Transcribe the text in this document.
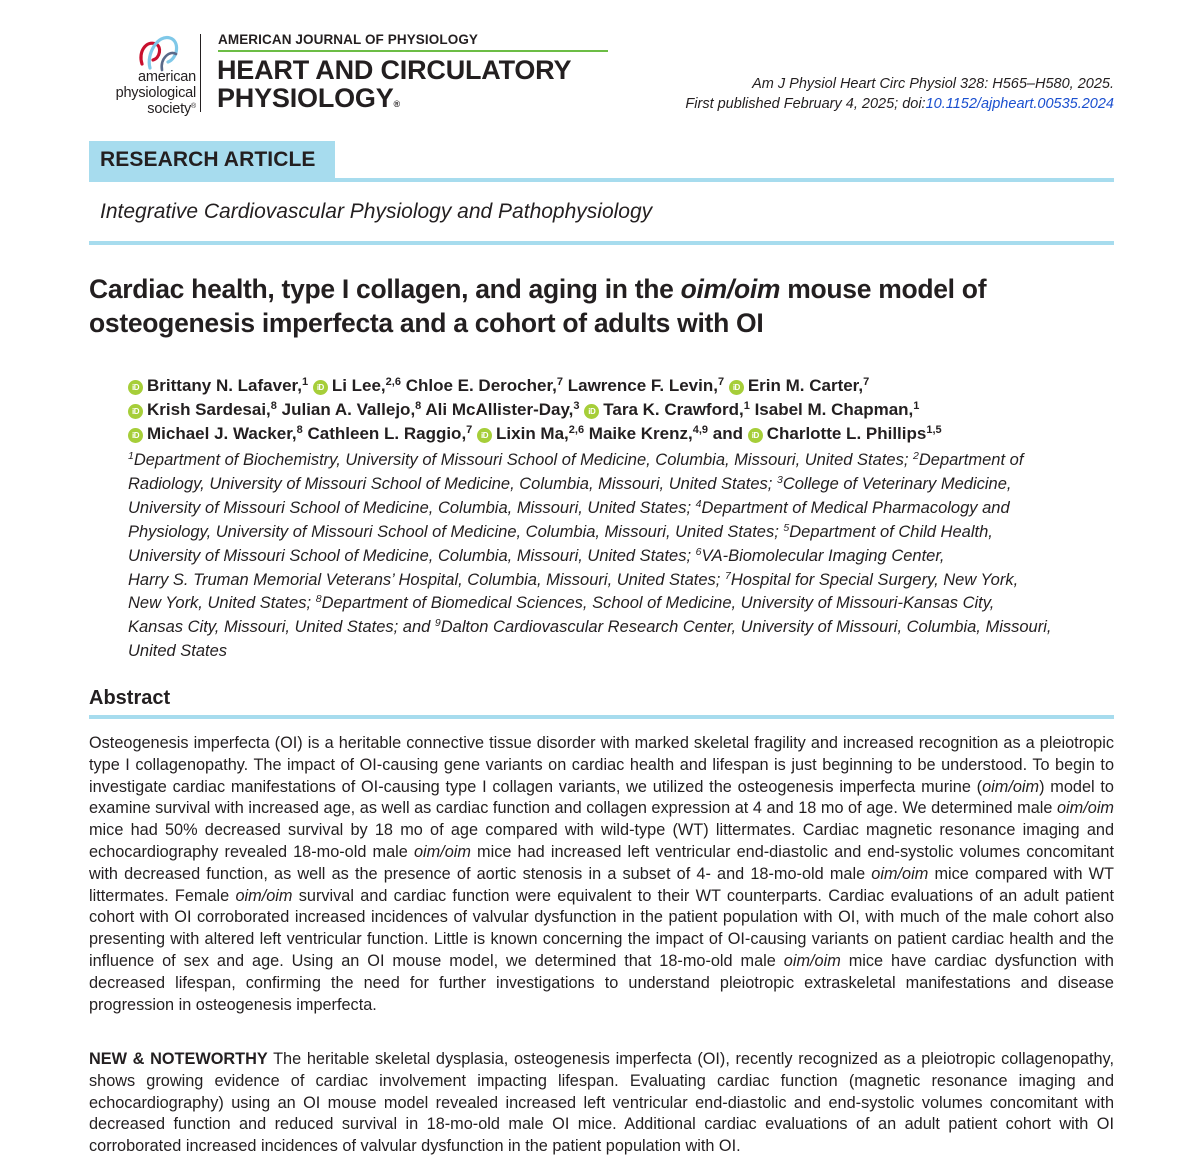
american
physiological
society®
AMERICAN JOURNAL OF PHYSIOLOGY
HEART AND CIRCULATORY
PHYSIOLOGY®
Am J Physiol Heart Circ Physiol 328: H565–H580, 2025.
First published February 4, 2025; doi:10.1152/ajpheart.00535.2024
RESEARCH ARTICLE
Integrative Cardiovascular Physiology and Pathophysiology
Cardiac health, type I collagen, and aging in the oim/oim mouse model of osteogenesis imperfecta and a cohort of adults with OI
iD Brittany N. Lafaver,$^1$ iD Li Lee,$^{2,6}$ Chloe E. Derocher,$^7$ Lawrence F. Levin,$^7$ iD Erin M. Carter,$^7$
iD Krish Sardesai,$^8$ Julian A. Vallejo,$^8$ Ali McAllister-Day,$^3$ iD Tara K. Crawford,$^1$ Isabel M. Chapman,$^1$
iD Michael J. Wacker,$^8$ Cathleen L. Raggio,$^7$ iD Lixin Ma,$^{2,6}$ Maike Krenz,$^{4,9}$ and iD Charlotte L. Phillips$^{1,5}$
$^1$Department of Biochemistry, University of Missouri School of Medicine, Columbia, Missouri, United States; $^2$Department of
Radiology, University of Missouri School of Medicine, Columbia, Missouri, United States; $^3$College of Veterinary Medicine,
University of Missouri School of Medicine, Columbia, Missouri, United States; $^4$Department of Medical Pharmacology and
Physiology, University of Missouri School of Medicine, Columbia, Missouri, United States; $^5$Department of Child Health,
University of Missouri School of Medicine, Columbia, Missouri, United States; $^6$VA-Biomolecular Imaging Center,
Harry S. Truman Memorial Veterans’ Hospital, Columbia, Missouri, United States; $^7$Hospital for Special Surgery, New York,
New York, United States; $^8$Department of Biomedical Sciences, School of Medicine, University of Missouri-Kansas City,
Kansas City, Missouri, United States; and $^9$Dalton Cardiovascular Research Center, University of Missouri, Columbia, Missouri,
United States
Abstract
Osteogenesis imperfecta (OI) is a heritable connective tissue disorder with marked skeletal fragility and increased recognition as a pleiotropic type I collagenopathy. The impact of OI-causing gene variants on cardiac health and lifespan is just beginning to be understood. To begin to investigate cardiac manifestations of OI-causing type I collagen variants, we utilized the osteogenesis imperfecta murine (oim/oim) model to examine survival with increased age, as well as cardiac function and collagen expression at 4 and 18 mo of age. We determined male oim/oim mice had 50% decreased survival by 18 mo of age compared with wild-type (WT) littermates. Cardiac magnetic resonance imaging and echocardiography revealed 18-mo-old male oim/oim mice had increased left ventricular end-diastolic and end-systolic volumes concomitant with decreased function, as well as the presence of aortic stenosis in a subset of 4- and 18-mo-old male oim/oim mice compared with WT littermates. Female oim/oim survival and cardiac function were equivalent to their WT counterparts. Cardiac evaluations of an adult patient cohort with OI corroborated increased incidences of valvular dysfunction in the patient population with OI, with much of the male cohort also presenting with altered left ventricular function. Little is known concerning the impact of OI-causing variants on patient cardiac health and the influence of sex and age. Using an OI mouse model, we determined that 18-mo-old male oim/oim mice have cardiac dysfunction with decreased lifespan, confirming the need for further investigations to understand pleiotropic extraskeletal manifestations and disease progression in osteogenesis imperfecta.
NEW & NOTEWORTHY The heritable skeletal dysplasia, osteogenesis imperfecta (OI), recently recognized as a pleiotropic collagenopathy, shows growing evidence of cardiac involvement impacting lifespan. Evaluating cardiac function (magnetic resonance imaging and echocardiography) using an OI mouse model revealed increased left ventricular end-diastolic and end-systolic volumes concomitant with decreased function and reduced survival in 18-mo-old male OI mice. Additional cardiac evaluations of an adult patient cohort with OI corroborated increased incidences of valvular dysfunction in the patient population with OI.
